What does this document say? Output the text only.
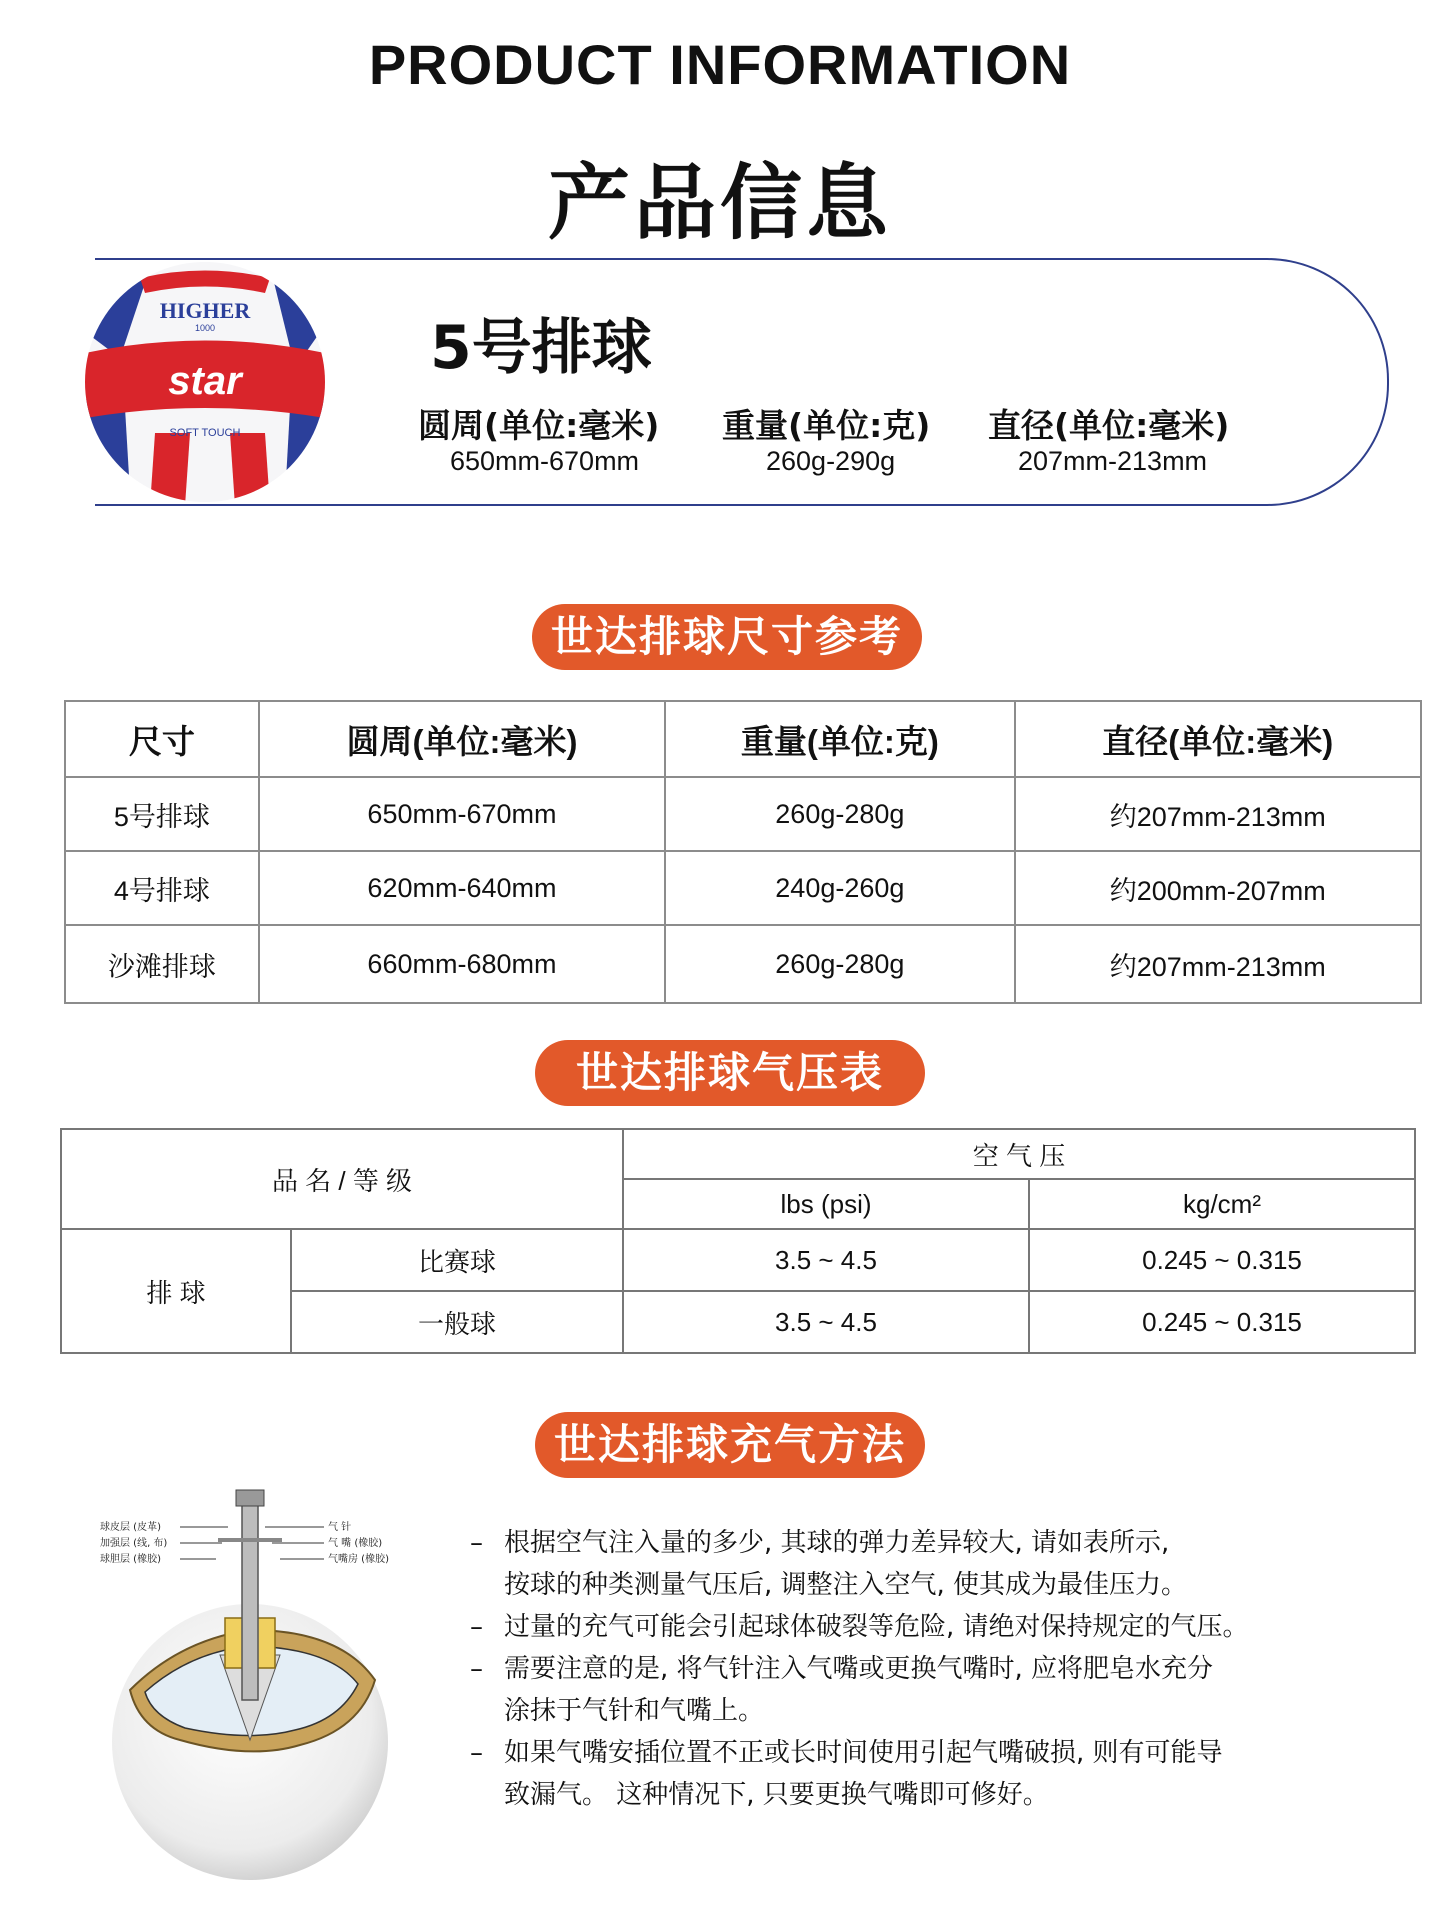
PRODUCT INFORMATION
产品信息
HIGHER
1000
star
SOFT TOUCH
5号排球
圆周(单位:毫米) 重量(单位:克) 直径(单位:毫米)
650mm-670mm	260g-290g	207mm-213mm
世达排球尺寸参考
尺寸	圆周(单位:毫米)	重量(单位:克)	直径(单位:毫米)
5号排球	650mm-670mm	260g-280g	约207mm-213mm
4号排球	620mm-640mm	240g-260g	约200mm-207mm
沙滩排球	660mm-680mm	260g-280g	约207mm-213mm
世达排球气压表
品 名 / 等 级		空 气 压	
		lbs (psi)	kg/cm²
排 球	比赛球	3.5 ~ 4.5	0.245 ~ 0.315
	一般球	3.5 ~ 4.5	0.245 ~ 0.315
世达排球充气方法
球皮层 (皮革)
加强层 (线, 布)
球胆层 (橡胶)
气 针
气 嘴 (橡胶)
气嘴房 (橡胶)
– 根据空气注入量的多少, 其球的弹力差异较大, 请如表所示,
按球的种类测量气压后, 调整注入空气, 使其成为最佳压力。
– 过量的充气可能会引起球体破裂等危险, 请绝对保持规定的气压。
– 需要注意的是, 将气针注入气嘴或更换气嘴时, 应将肥皂水充分
涂抹于气针和气嘴上。
– 如果气嘴安插位置不正或长时间使用引起气嘴破损, 则有可能导
致漏气。 这种情况下, 只要更换气嘴即可修好。
